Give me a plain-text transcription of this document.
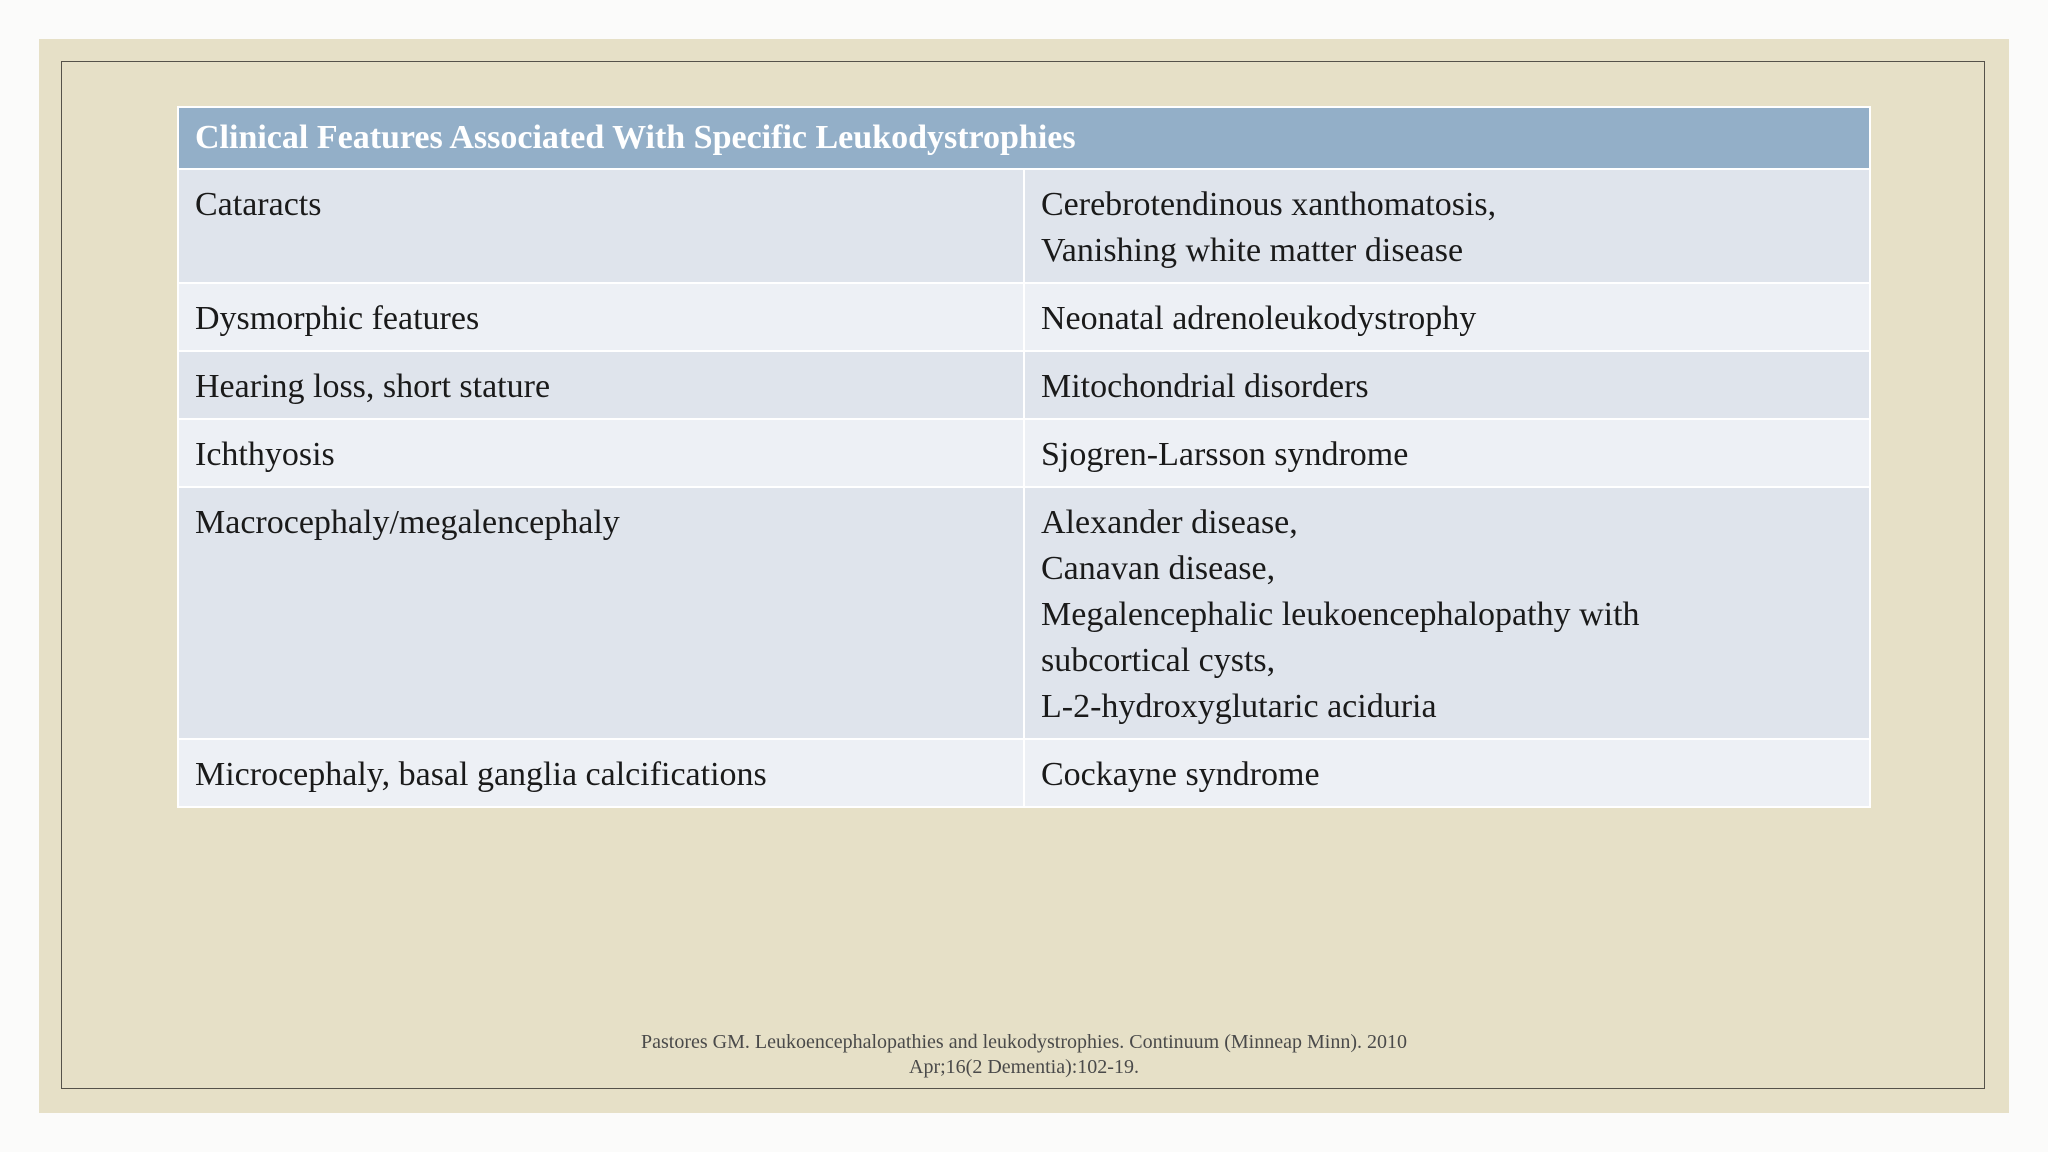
Clinical Features Associated With Specific Leukodystrophies	
Cataracts	Cerebrotendinous xanthomatosis,
Vanishing white matter disease

Dysmorphic features	Neonatal adrenoleukodystrophy

Hearing loss, short stature	Mitochondrial disorders

Ichthyosis	Sjogren-Larsson syndrome

Macrocephaly/megalencephaly	Alexander disease,
Canavan disease,
Megalencephalic leukoencephalopathy with
subcortical cysts,
L-2-hydroxyglutaric aciduria

Microcephaly, basal ganglia calcifications	Cockayne syndrome
Pastores GM. Leukoencephalopathies and leukodystrophies. Continuum (Minneap Minn). 2010
Apr;16(2 Dementia):102-19.
